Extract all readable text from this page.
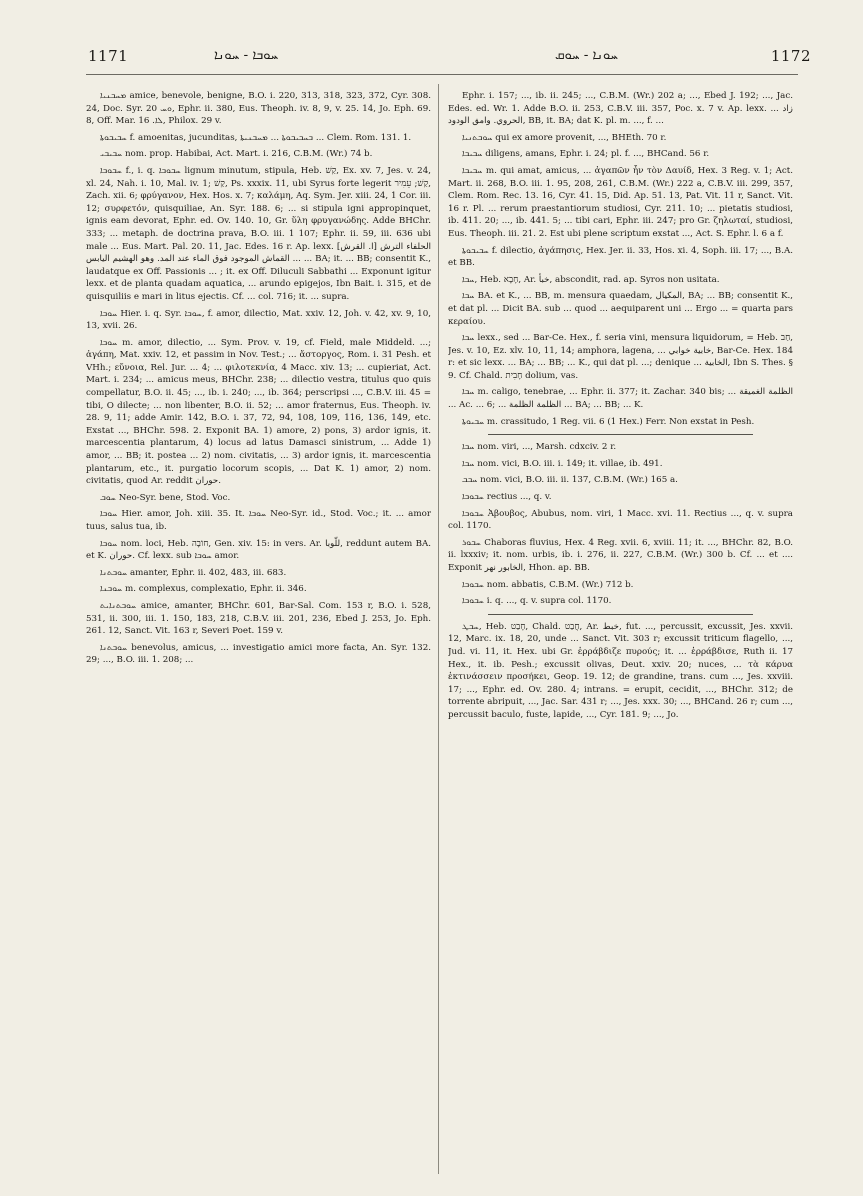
1171	ܚܘܒܐ - ܚܘܢܐ	ܚܘܢܐ - ܚܘܩ	1172

ܡܚܒܢܝܐ amice, benevole, benigne, B.O. i. 220, 313, 318, 323, 372, Cyr. 308. 24, Doc. Syr. ܘܚ 20, Ephr. ii. 380, Eus. Theoph. iv. 8, 9, v. 25. 14, Jo. Eph. 69. 8, Off. Mar. ܠܐ. 16, Philox. 29 v.

ܚܒܝܒܘܬܐ f. amoenitas, jucunditas, ܒܚܒܝܒܘܬܐ ... ܡܚܒܢܝܬܐ ... Clem. Rom. 131. 1.

ܚܒܝܒܝ nom. prop. Habibai, Act. Mart. i. 216, C.B.M. (Wr.) 74 b.

ܚܒܘܒܐ f., i. q. ܚܒܘܒܐ lignum minutum, stipula, Heb. קַשׁ, Ex. xv. 7, Jes. v. 24, xl. 24, Nah. i. 10, Mal. iv. 1; קַשׁ, Ps. xxxix. 11, ubi Syrus forte legerit קַשׁ; עֵמִיר, Zach. xii. 6; φρύγανον, Hex. Hos. x. 7; καλάμη, Aq. Sym. Jer. xiii. 24, 1 Cor. iii. 12; συρφετόν, quisquiliae, An. Syr. 188. 6; ... si stipula igni appropinquet, ignis eam devorat, Ephr. ed. Ov. 140. 10, Gr. ὕλη φρυγανώδης. Adde BHChr. 333; ... metaph. de doctrina prava, B.O. iii. 1 107; Ephr. ii. 59, iii. 636 ubi male ... Eus. Mart. Pal. 20. 11, Jac. Edes. 16 r. Ap. lexx. [ا. القرش] الحلفاء الترش ... القماش الموجود فوق الماء عند المد. وهو الهشيم اليابس ... BA; it. ... BB; consentit K., laudatque ex Off. Passionis ... ; it. ex Off. Diluculi Sabbathi ... Exponunt igitur lexx. et de planta quadam aquatica, ... arundo epigejos, Ibn Bait. i. 315, et de quisquiliis e mari in litus ejectis. Cf. ... col. 716; it. ... supra.

ܚܘܒܐ Hier. i. q. Syr. ܚܘܒܐ, f. amor, dilectio, Mat. xxiv. 12, Joh. v. 42, xv. 9, 10, 13, xvii. 26.

ܚܘܒܐ m. amor, dilectio, ... Sym. Prov. v. 19, cf. Field, male Middeld. ...; ἀγάπη, Mat. xxiv. 12, et passim in Nov. Test.; ... ἄστοργος, Rom. i. 31 Pesh. et VHh.; εὔνοια, Rel. Jur. ... 4; ... φιλοτεκνία, 4 Macc. xiv. 13; ... cupieriat, Act. Mart. i. 234; ... amicus meus, BHChr. 238; ... dilectio vestra, titulus quo quis compellatur, B.O. ii. 45; ..., ib. i. 240; ..., ib. 364; perscripsi ..., C.B.V. iii. 45 = tibi, O dilecte; ... non libenter, B.O. ii. 52; ... amor fraternus, Eus. Theoph. iv. 28. 9, 11; adde Amir. 142, B.O. i. 37, 72, 94, 108, 109, 116, 136, 149, etc. Exstat ..., BHChr. 598. 2. Exponit BA. 1) amore, 2) pons, 3) ardor ignis, it. marcescentia plantarum, 4) locus ad latus Damasci sinistrum, ... Adde 1) amor, ... BB; it. postea ... 2) nom. civitatis, ... 3) ardor ignis, it. marcescentia plantarum, etc., it. purgatio locorum scopis, ... Dat K. 1) amor, 2) nom. civitatis, quod Ar. reddit حوران.

ܚܘܒ Neo-Syr. bene, Stod. Voc.

ܚܘܒܐ Hier. amor, Joh. xiii. 35. It. ܚܘܒܐ Neo-Syr. id., Stod. Voc.; it. ... amor tuus, salus tua, ib.

ܚܘܒܐ nom. loci, Heb. חוֹבָה, Gen. xiv. 15: in vers. Ar. للّوبا, reddunt autem BA. et K. حوران. Cf. lexx. sub ܚܘܒܐ amor.

ܚܘܒܬܢܐ amanter, Ephr. ii. 402, 483, iii. 683.

ܚܘܒܢܐ m. complexus, complexatio, Ephr. ii. 346.

ܚܘܒܬܢܐܝܬ amice, amanter, BHChr. 601, Bar-Sal. Com. 153 r, B.O. i. 528, 531, ii. 300, iii. 1. 150, 183, 218, C.B.V. iii. 201, 236, Ebed J. 253, Jo. Eph. 261. 12, Sanct. Vit. 163 r, Severi Poet. 159 v.

ܚܘܒܬܢܐ benevolus, amicus, ... investigatio amici more facta, An. Syr. 132. 29; ..., B.O. iii. 1. 208; ...

Ephr. i. 157; ..., ib. ii. 245; ..., C.B.M. (Wr.) 202 a; ..., Ebed J. 192; ..., Jac. Edes. ed. Wr. 1. Adde B.O. ii. 253, C.B.V. iii. 357, Poc. x. 7 v. Ap. lexx. ... زاد الحروي. وامق الودود, BB, it. BA; dat K. pl. m. ..., f. ...

ܚܘܒܬܢܝܐ qui ex amore provenit, ..., BHEth. 70 r.

ܚܒܝܒܐ diligens, amans, Ephr. i. 24; pl. f. ..., BHCand. 56 r.

ܚܒܝܒܐ m. qui amat, amicus, ... ἀγαπῶν ἦν τὸν Δαυίδ, Hex. 3 Reg. v. 1; Act. Mart. ii. 268, B.O. iii. 1. 95, 208, 261, C.B.M. (Wr.) 222 a, C.B.V. iii. 299, 357, Clem. Rom. Rec. 13. 16, Cyr. 41. 15, Did. Ap. 51. 13, Pat. Vit. 11 r, Sanct. Vit. 16 r. Pl. ... rerum praestantiorum studiosi, Cyr. 211. 10; ... pietatis studiosi, ib. 411. 20; ..., ib. 441. 5; ... tibi cari, Ephr. iii. 247; pro Gr. ζηλωταί, studiosi, Eus. Theoph. iii. 21. 2. Est ubi plene scriptum exstat ..., Act. S. Ephr. l. 6 a f.

ܚܒܝܒܘܬܐ f. dilectio, ἀγάπησις, Hex. Jer. ii. 33, Hos. xi. 4, Soph. iii. 17; ..., B.A. et BB.

ܚܒܐ, Heb. חָבָא, Ar. خبأ, abscondit, rad. ap. Syros non usitata.

ܚܒܐ BA. et K., ... BB, m. mensura quaedam, المكيال, BA; ... BB; consentit K., et dat pl. ... Dicit BA. sub ... quod ... aequiparent uni ... Ergo ... = quarta pars κεραίου.

ܚܒܐ lexx., sed ... Bar-Ce. Hex., f. seria vini, mensura liquidorum, = Heb. חַב, Jes. v. 10, Ez. xlv. 10, 11, 14; amphora, lagena, ... خابية خوابي, Bar-Ce. Hex. 184 r: et sic lexx. ... BA; ... BB; ... K., qui dat pl. ...; denique ... الخابية, Ibn S. Thes. § 9. Cf. Chald. חָבִית dolium, vas.

ܚܒܐ m. caligo, tenebrae, ... Ephr. ii. 377; it. Zachar. 340 bis; ... الظلمة الغميقة ... Ac. ... 6; ... الظلمة الظلمة ... BA; ... BB; ... K.

ܚܒܝܘܬܐ m. crassitudo, 1 Reg. vii. 6 (1 Hex.) Ferr. Non exstat in Pesh.

ܚܒܐ nom. viri, ..., Marsh. cdxciv. 2 r.

ܚܒܐ nom. vici, B.O. iii. i. 149; it. villae, ib. 491.

ܚܒܒ nom. vici, B.O. iii. ii. 137, C.B.M. (Wr.) 165 a.

ܚܒܘܒܐ rectius ..., q. v.

ܚܒܘܒܐ Ἀβουβος, Abubus, nom. viri, 1 Macc. xvi. 11. Rectius ..., q. v. supra col. 1170.

ܚܒܘܪ Chaboras fluvius, Hex. 4 Reg. xvii. 6, xviii. 11; it. ..., BHChr. 82, B.O. ii. lxxxiv; it. nom. urbis, ib. i. 276, ii. 227, C.B.M. (Wr.) 300 b. Cf. ... et .... Exponit الخابور نهر, Hhon. ap. BB.

ܚܒܘܒܐ nom. abbatis, C.B.M. (Wr.) 712 b.

ܚܒܘܒܐ i. q. ..., q. v. supra col. 1170.

ܚܒܛ, Heb. חָבַט, Chald. חֲבַט, Ar. خبط, fut. ..., percussit, excussit, Jes. xxvii. 12, Marc. ix. 18, 20, unde ... Sanct. Vit. 303 r; excussit triticum flagello, ..., Jud. vi. 11, it. Hex. ubi Gr. ἐρράβδιζε πυρούς; it. ... ἐρράβδισε, Ruth ii. 17 Hex., it. ib. Pesh.; excussit olivas, Deut. xxiv. 20; nuces, ... τὰ κάρυα ἐκτινάσσειν προσήκει, Geop. 19. 12; de grandine, trans. cum ..., Jes. xxviii. 17; ..., Ephr. ed. Ov. 280. 4; intrans. = erupit, cecidit, ..., BHChr. 312; de torrente abripuit, ..., Jac. Sar. 431 r; ..., Jes. xxx. 30; ..., BHCand. 26 r; cum ..., percussit baculo, fuste, lapide, ..., Cyr. 181. 9; ..., Jo.
